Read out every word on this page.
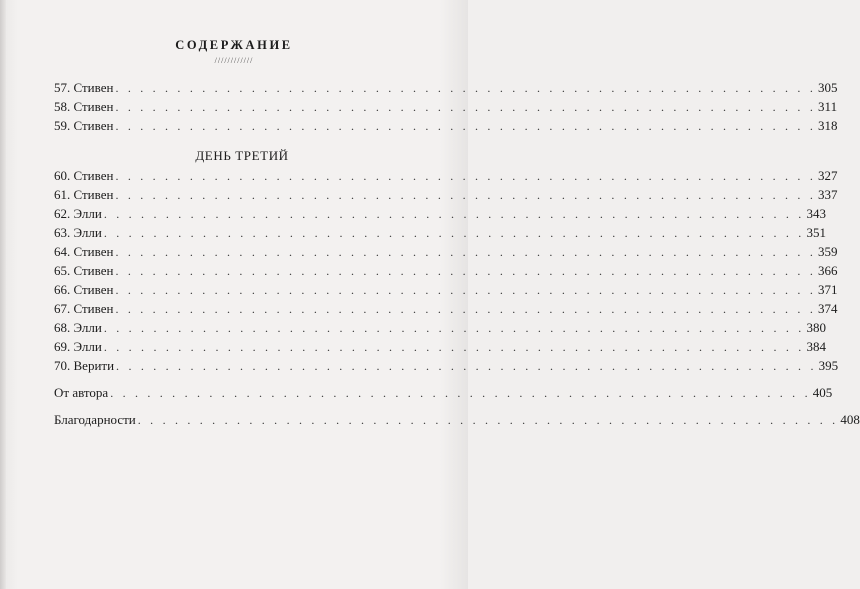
СОДЕРЖАНИЕ
////////////
57. Стивен . . . . . . . . . . . . . . . . . . . . . . . . . . . . . . . . . . . . . . . . . . . . . . . . . . . . . . . . . 305
58. Стивен . . . . . . . . . . . . . . . . . . . . . . . . . . . . . . . . . . . . . . . . . . . . . . . . . . . . . . . . . 311
59. Стивен . . . . . . . . . . . . . . . . . . . . . . . . . . . . . . . . . . . . . . . . . . . . . . . . . . . . . . . . . 318
ДЕНЬ ТРЕТИЙ
60. Стивен . . . . . . . . . . . . . . . . . . . . . . . . . . . . . . . . . . . . . . . . . . . . . . . . . . . . . . . . . 327
61. Стивен . . . . . . . . . . . . . . . . . . . . . . . . . . . . . . . . . . . . . . . . . . . . . . . . . . . . . . . . . 337
62. Элли . . . . . . . . . . . . . . . . . . . . . . . . . . . . . . . . . . . . . . . . . . . . . . . . . . . . . . . . . 343
63. Элли . . . . . . . . . . . . . . . . . . . . . . . . . . . . . . . . . . . . . . . . . . . . . . . . . . . . . . . . . 351
64. Стивен . . . . . . . . . . . . . . . . . . . . . . . . . . . . . . . . . . . . . . . . . . . . . . . . . . . . . . . . . 359
65. Стивен . . . . . . . . . . . . . . . . . . . . . . . . . . . . . . . . . . . . . . . . . . . . . . . . . . . . . . . . . 366
66. Стивен . . . . . . . . . . . . . . . . . . . . . . . . . . . . . . . . . . . . . . . . . . . . . . . . . . . . . . . . . 371
67. Стивен . . . . . . . . . . . . . . . . . . . . . . . . . . . . . . . . . . . . . . . . . . . . . . . . . . . . . . . . . 374
68. Элли . . . . . . . . . . . . . . . . . . . . . . . . . . . . . . . . . . . . . . . . . . . . . . . . . . . . . . . . . 380
69. Элли . . . . . . . . . . . . . . . . . . . . . . . . . . . . . . . . . . . . . . . . . . . . . . . . . . . . . . . . . 384
70. Верити . . . . . . . . . . . . . . . . . . . . . . . . . . . . . . . . . . . . . . . . . . . . . . . . . . . . . . . . . 395
От автора . . . . . . . . . . . . . . . . . . . . . . . . . . . . . . . . . . . . . . . . . . . . . . . . . . . . . . . . . 405
Благодарности . . . . . . . . . . . . . . . . . . . . . . . . . . . . . . . . . . . . . . . . . . . . . . . . . . . . . . . . . 408
